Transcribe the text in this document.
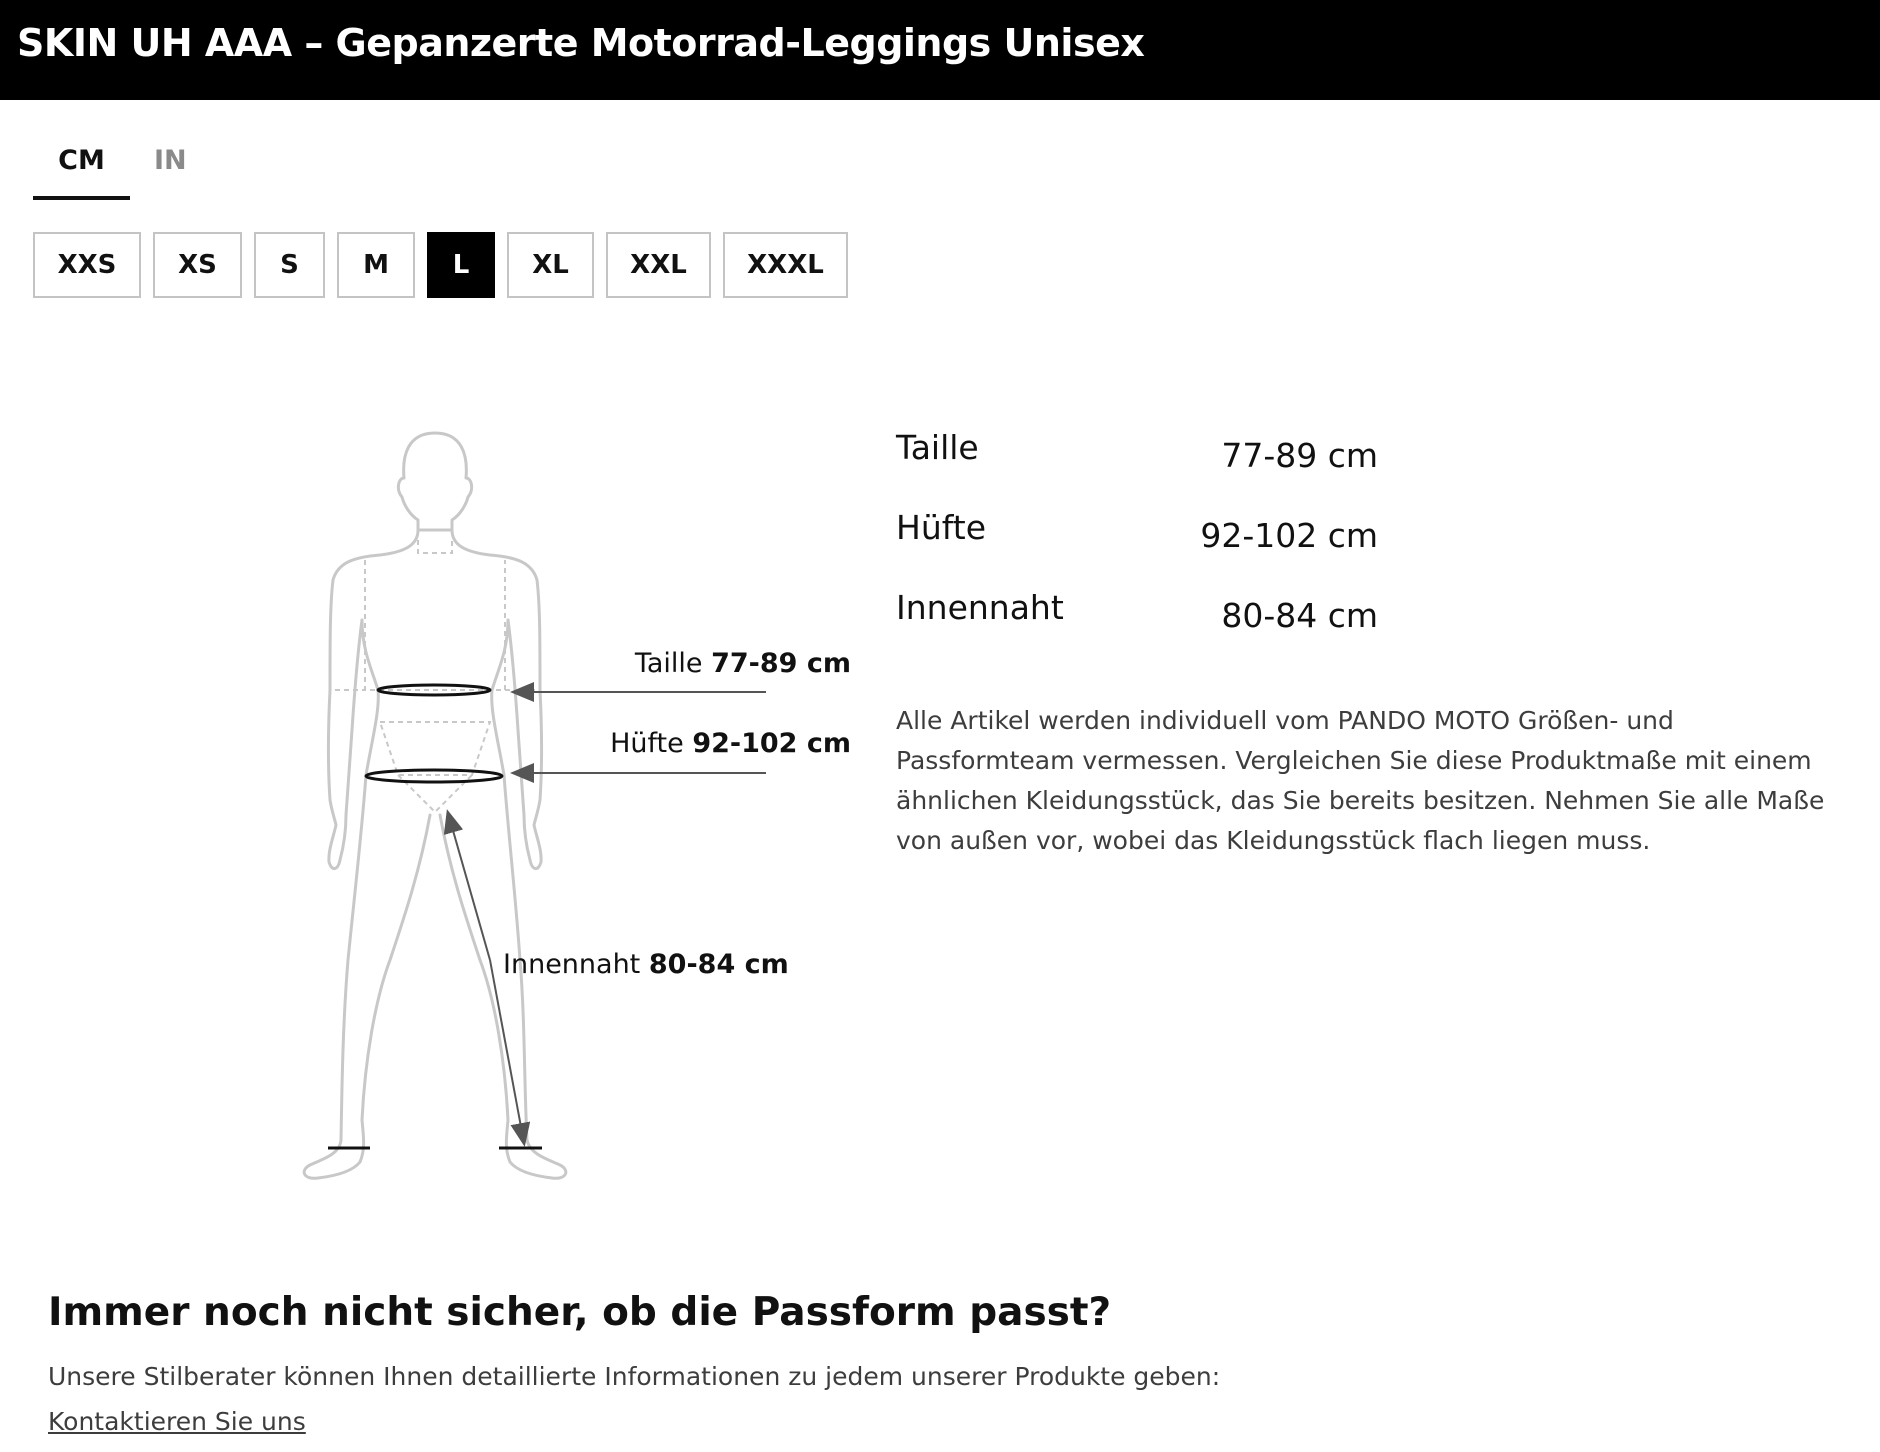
SKIN UH AAA – Gepanzerte Motorrad-Leggings Unisex
CM	IN
XXS	XS	S	M	L	XL	XXL	XXXL
Taille 77-89 cm
Hüfte 92-102 cm
Innennaht 80-84 cm
Taille	77-89 cm
Hüfte	92-102 cm
Innennaht	80-84 cm
Alle Artikel werden individuell vom PANDO MOTO Größen- und Passformteam vermessen. Vergleichen Sie diese Produktmaße mit einem ähnlichen Kleidungsstück, das Sie bereits besitzen. Nehmen Sie alle Maße von außen vor, wobei das Kleidungsstück flach liegen muss.
Immer noch nicht sicher, ob die Passform passt?
Unsere Stilberater können Ihnen detaillierte Informationen zu jedem unserer Produkte geben:
Kontaktieren Sie uns
